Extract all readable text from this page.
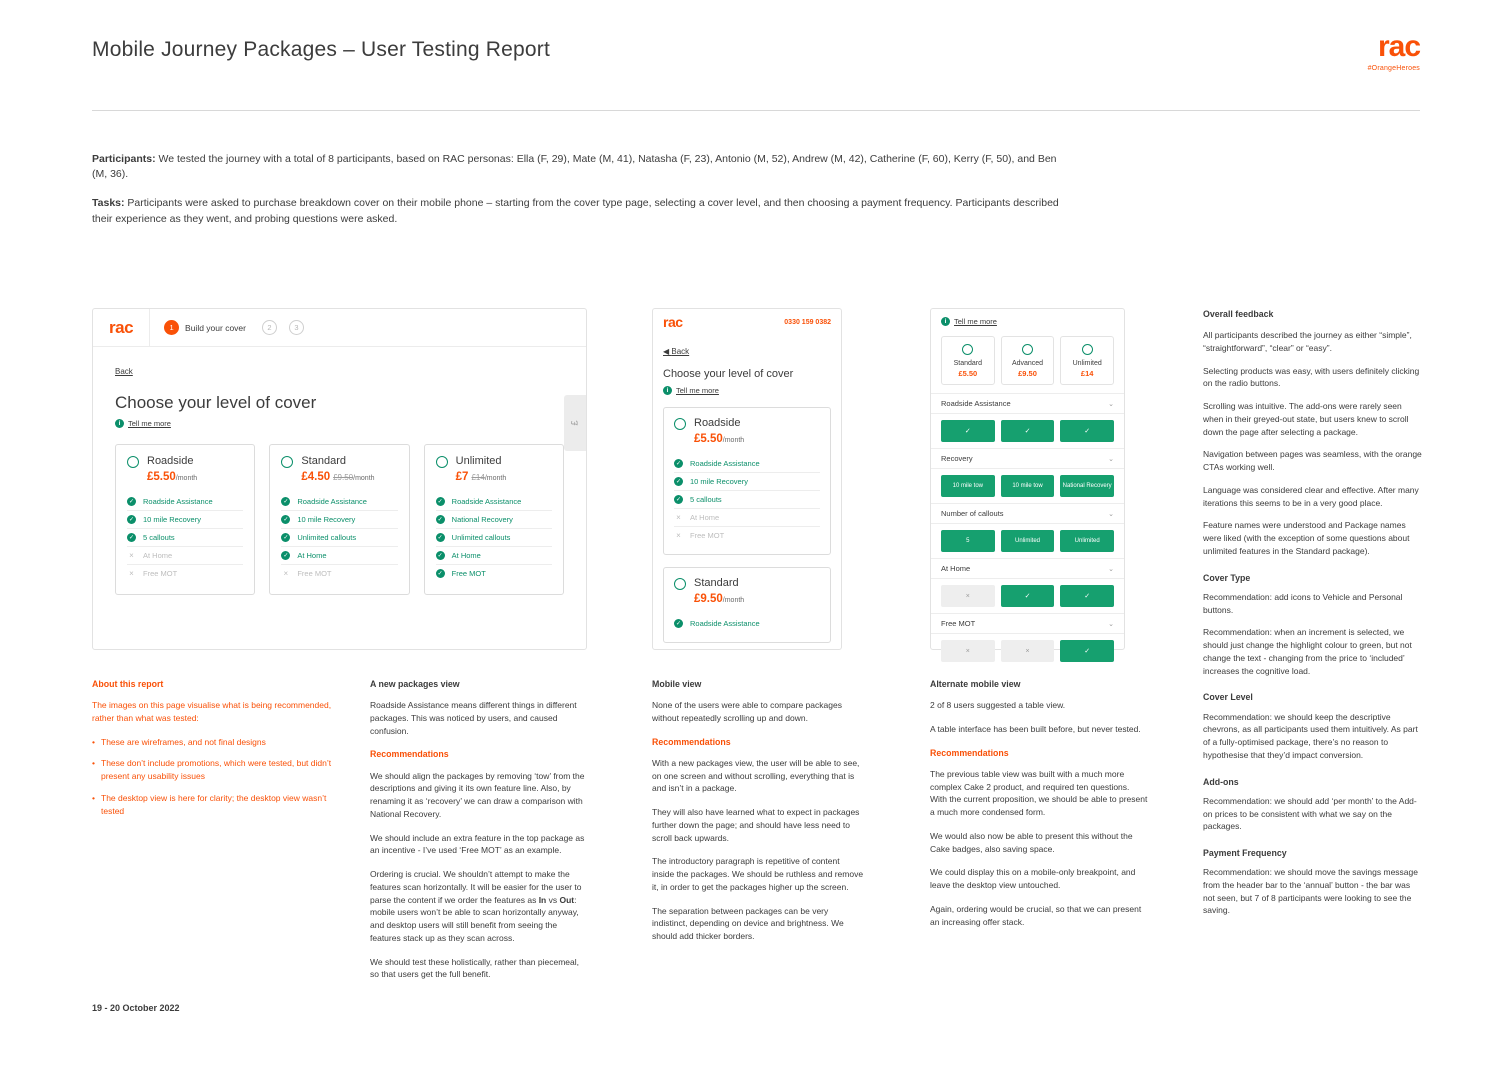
Mobile Journey Packages – User Testing Report	rac
#OrangeHeroes

Participants: We tested the journey with a total of 8 participants, based on RAC personas: Ella (F, 29), Mate (M, 41), Natasha (F, 23), Antonio (M, 52), Andrew (M, 42), Catherine (F, 60), Kerry (F, 50), and Ben (M, 36).

Tasks: Participants were asked to purchase breakdown cover on their mobile phone – starting from the cover type page, selecting a cover level, and then choosing a payment frequency. Participants described their experience as they went, and probing questions were asked.

rac	1	Build your cover	2	3
£
Back
Choose your level of cover
i	Tell me more
Roadside
£5.50/month
✓ Roadside Assistance
✓ 10 mile Recovery
✓ 5 callouts
× At Home
× Free MOT
Standard
£4.50 £9.50/month
✓ Roadside Assistance
✓ 10 mile Recovery
✓ Unlimited callouts
✓ At Home
× Free MOT
Unlimited
£7 £14/month
✓ Roadside Assistance
✓ National Recovery
✓ Unlimited callouts
✓ At Home
✓ Free MOT
rac	0330 159 0382
◀ Back
Choose your level of cover
i	Tell me more
Roadside
£5.50/month
✓ Roadside Assistance
✓ 10 mile Recovery
✓ 5 callouts
× At Home
× Free MOT
Standard
£9.50/month
✓ Roadside Assistance
i	Tell me more
Standard
£5.50
Advanced
£9.50
Unlimited
£14
Roadside Assistance	⌄
✓	✓	✓
Recovery	⌄
10 mile tow	10 mile tow	National Recovery
Number of callouts	⌄
5	Unlimited	Unlimited
At Home	⌄
×	✓	✓
Free MOT	⌄
×	×	✓
About this report

The images on this page visualise what is being recommended, rather than what was tested:

• These are wireframes, and not final designs
• These don’t include promotions, which were tested, but didn’t present any usability issues
• The desktop view is here for clarity; the desktop view wasn’t tested
A new packages view

Roadside Assistance means different things in different packages. This was noticed by users, and caused confusion.

Recommendations

We should align the packages by removing ‘tow’ from the descriptions and giving it its own feature line. Also, by renaming it as ‘recovery’ we can draw a comparison with National Recovery.

We should include an extra feature in the top package as an incentive - I’ve used ‘Free MOT’ as an example.

Ordering is crucial. We shouldn’t attempt to make the features scan horizontally. It will be easier for the user to parse the content if we order the features as In vs Out: mobile users won’t be able to scan horizontally anyway, and desktop users will still benefit from seeing the features stack up as they scan across.

We should test these holistically, rather than piecemeal, so that users get the full benefit.

Mobile view

None of the users were able to compare packages without repeatedly scrolling up and down.

Recommendations

With a new packages view, the user will be able to see, on one screen and without scrolling, everything that is and isn’t in a package.

They will also have learned what to expect in packages further down the page; and should have less need to scroll back upwards.

The introductory paragraph is repetitive of content inside the packages. We should be ruthless and remove it, in order to get the packages higher up the screen.

The separation between packages can be very indistinct, depending on device and brightness. We should add thicker borders.

Alternate mobile view

2 of 8 users suggested a table view.

A table interface has been built before, but never tested.

Recommendations

The previous table view was built with a much more complex Cake 2 product, and required ten questions. With the current proposition, we should be able to present a much more condensed form.

We would also now be able to present this without the Cake badges, also saving space.

We could display this on a mobile-only breakpoint, and leave the desktop view untouched.

Again, ordering would be crucial, so that we can present an increasing offer stack.

Overall feedback

All participants described the journey as either “simple”, “straightforward”, “clear” or “easy”.

Selecting products was easy, with users definitely clicking on the radio buttons.

Scrolling was intuitive. The add-ons were rarely seen when in their greyed-out state, but users knew to scroll down the page after selecting a package.

Navigation between pages was seamless, with the orange CTAs working well.

Language was considered clear and effective. After many iterations this seems to be in a very good place.

Feature names were understood and Package names were liked (with the exception of some questions about unlimited features in the Standard package).

Cover Type

Recommendation: add icons to Vehicle and Personal buttons.

Recommendation: when an increment is selected, we should just change the highlight colour to green, but not change the text - changing from the price to ‘included’ increases the cognitive load.

Cover Level

Recommendation: we should keep the descriptive chevrons, as all participants used them intuitively. As part of a fully-optimised package, there’s no reason to hypothesise that they’d impact conversion.

Add-ons

Recommendation: we should add ‘per month’ to the Add-on prices to be consistent with what we say on the packages.

Payment Frequency

Recommendation: we should move the savings message from the header bar to the ‘annual’ button - the bar was not seen, but 7 of 8 participants were looking to see the saving.

19 - 20 October 2022
